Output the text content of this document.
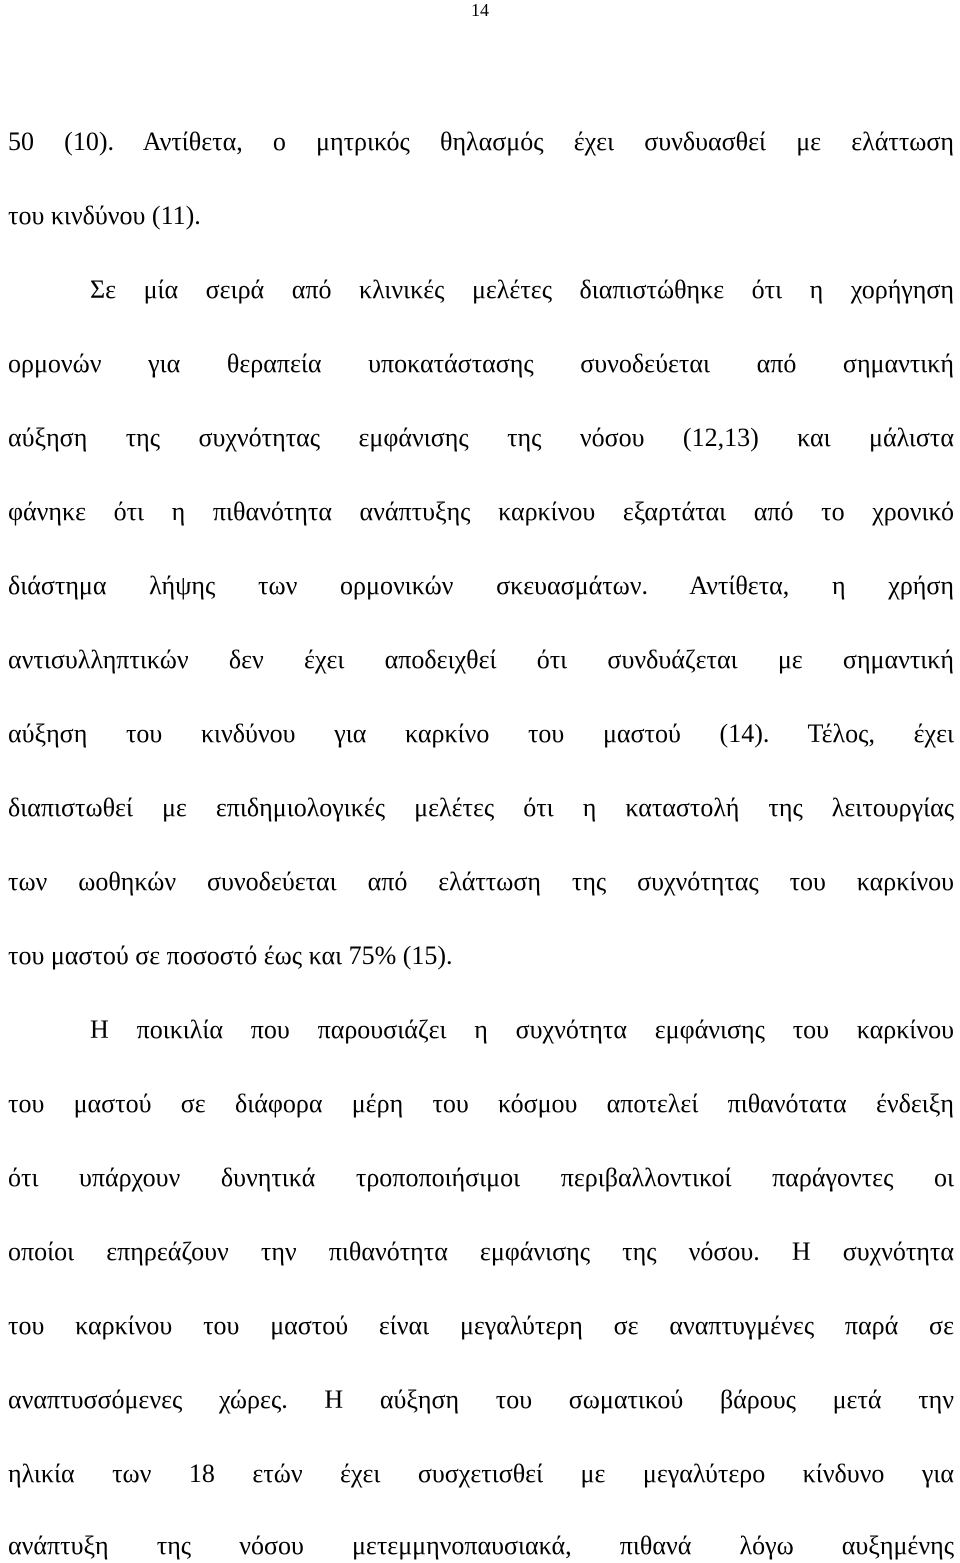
14
50 (10). Αντίθετα, ο μητρικός θηλασμός έχει συνδυασθεί με ελάττωση
του κινδύνου (11).
Σε μία σειρά από κλινικές μελέτες διαπιστώθηκε ότι η χορήγηση
ορμονών για θεραπεία υποκατάστασης συνοδεύεται από σημαντική
αύξηση της συχνότητας εμφάνισης της νόσου (12,13) και μάλιστα
φάνηκε ότι η πιθανότητα ανάπτυξης καρκίνου εξαρτάται από το χρονικό
διάστημα λήψης των ορμονικών σκευασμάτων. Αντίθετα, η χρήση
αντισυλληπτικών δεν έχει αποδειχθεί ότι συνδυάζεται με σημαντική
αύξηση του κινδύνου για καρκίνο του μαστού (14). Τέλος, έχει
διαπιστωθεί με επιδημιολογικές μελέτες ότι η καταστολή της λειτουργίας
των ωοθηκών συνοδεύεται από ελάττωση της συχνότητας του καρκίνου
του μαστού σε ποσοστό έως και 75% (15).
Η ποικιλία που παρουσιάζει η συχνότητα εμφάνισης του καρκίνου
του μαστού σε διάφορα μέρη του κόσμου αποτελεί πιθανότατα ένδειξη
ότι υπάρχουν δυνητικά τροποποιήσιμοι περιβαλλοντικοί παράγοντες οι
οποίοι επηρεάζουν την πιθανότητα εμφάνισης της νόσου. Η συχνότητα
του καρκίνου του μαστού είναι μεγαλύτερη σε αναπτυγμένες παρά σε
αναπτυσσόμενες χώρες. Η αύξηση του σωματικού βάρους μετά την
ηλικία των 18 ετών έχει συσχετισθεί με μεγαλύτερο κίνδυνο για
ανάπτυξη της νόσου μετεμμηνοπαυσιακά, πιθανά λόγω αυξημένης
